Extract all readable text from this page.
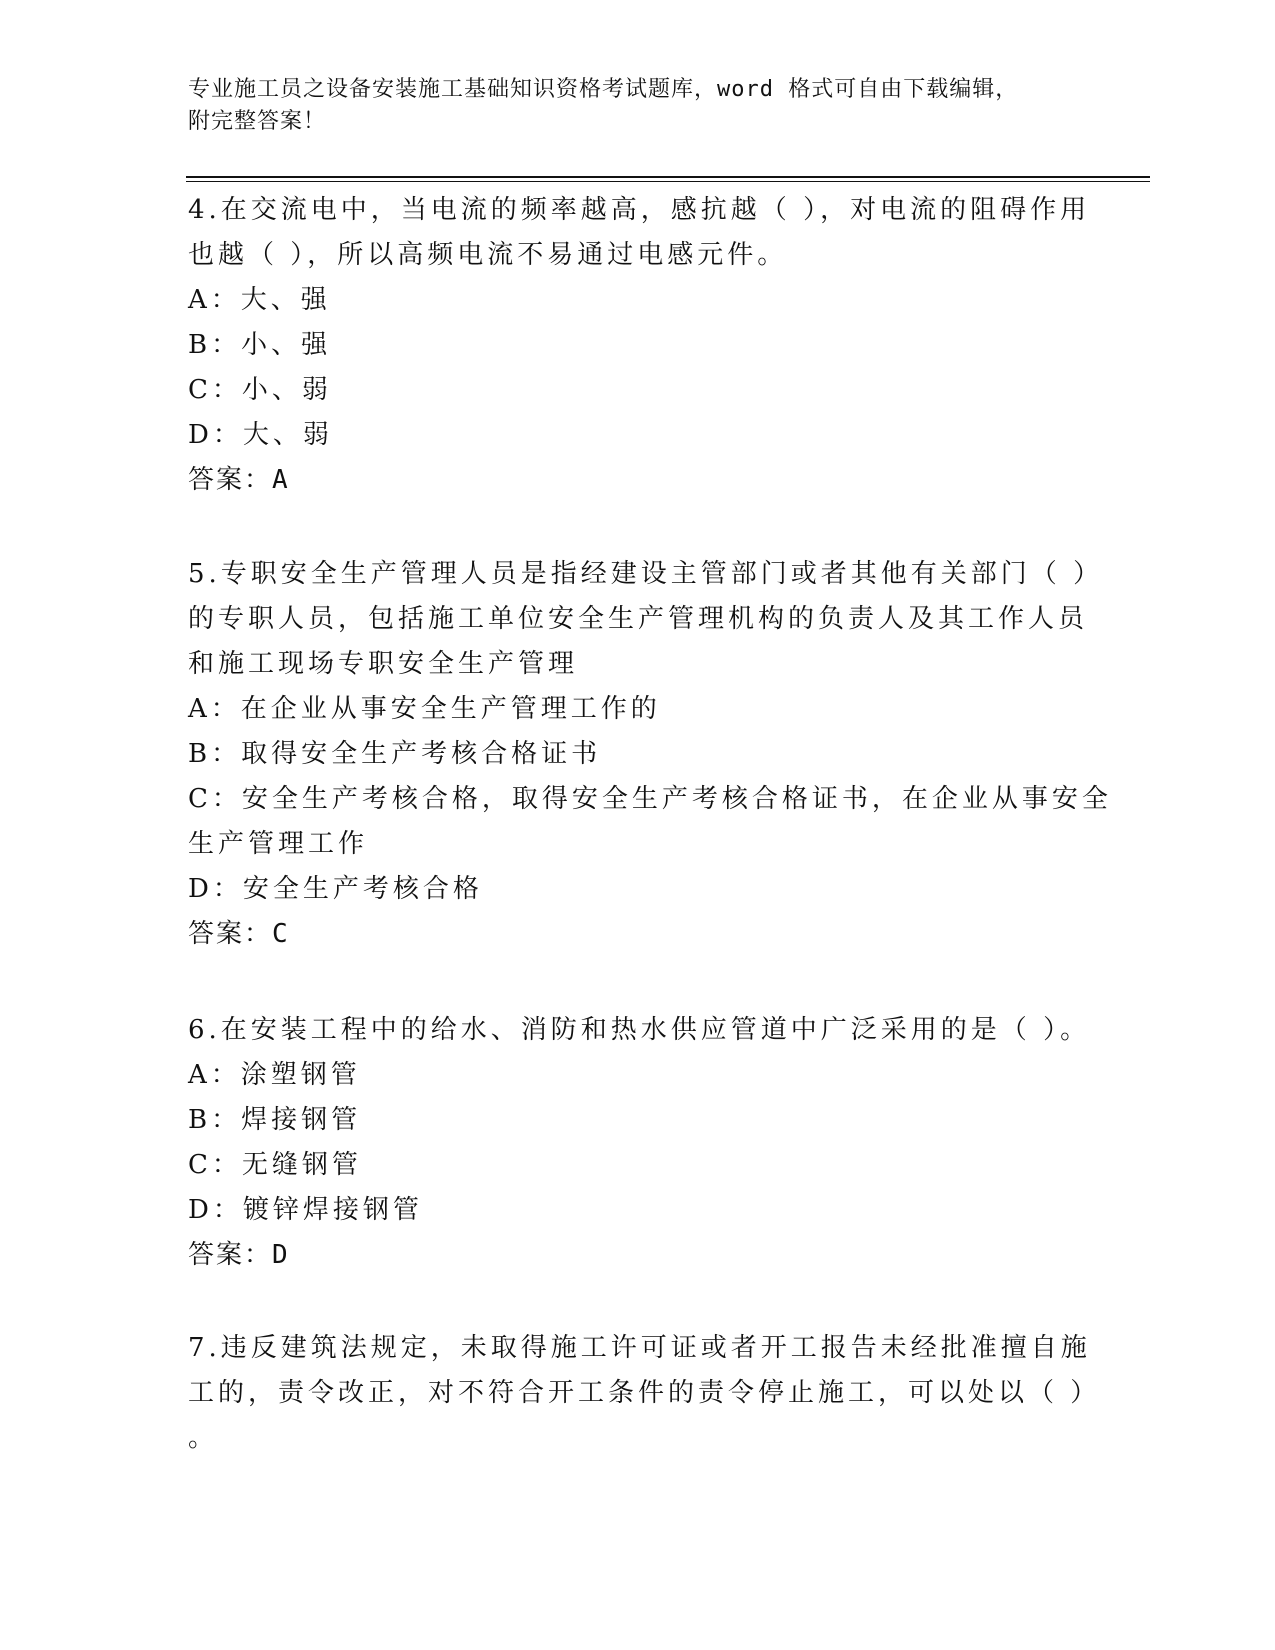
专业施工员之设备安装施工基础知识资格考试题库，word 格式可自由下载编辑，
附完整答案！
4.在交流电中，当电流的频率越高，感抗越（ ），对电流的阻碍作用
也越（ ），所以高频电流不易通过电感元件。
A：大、强
B：小、强
C：小、弱
D：大、弱
答案：A
5.专职安全生产管理人员是指经建设主管部门或者其他有关部门（ ）
的专职人员，包括施工单位安全生产管理机构的负责人及其工作人员
和施工现场专职安全生产管理
A：在企业从事安全生产管理工作的
B：取得安全生产考核合格证书
C：安全生产考核合格，取得安全生产考核合格证书，在企业从事安全
生产管理工作
D：安全生产考核合格
答案：C
6.在安装工程中的给水、消防和热水供应管道中广泛采用的是（ ）。
A：涂塑钢管
B：焊接钢管
C：无缝钢管
D：镀锌焊接钢管
答案：D
7.违反建筑法规定，未取得施工许可证或者开工报告未经批准擅自施
工的，责令改正，对不符合开工条件的责令停止施工，可以处以（ ）
。
